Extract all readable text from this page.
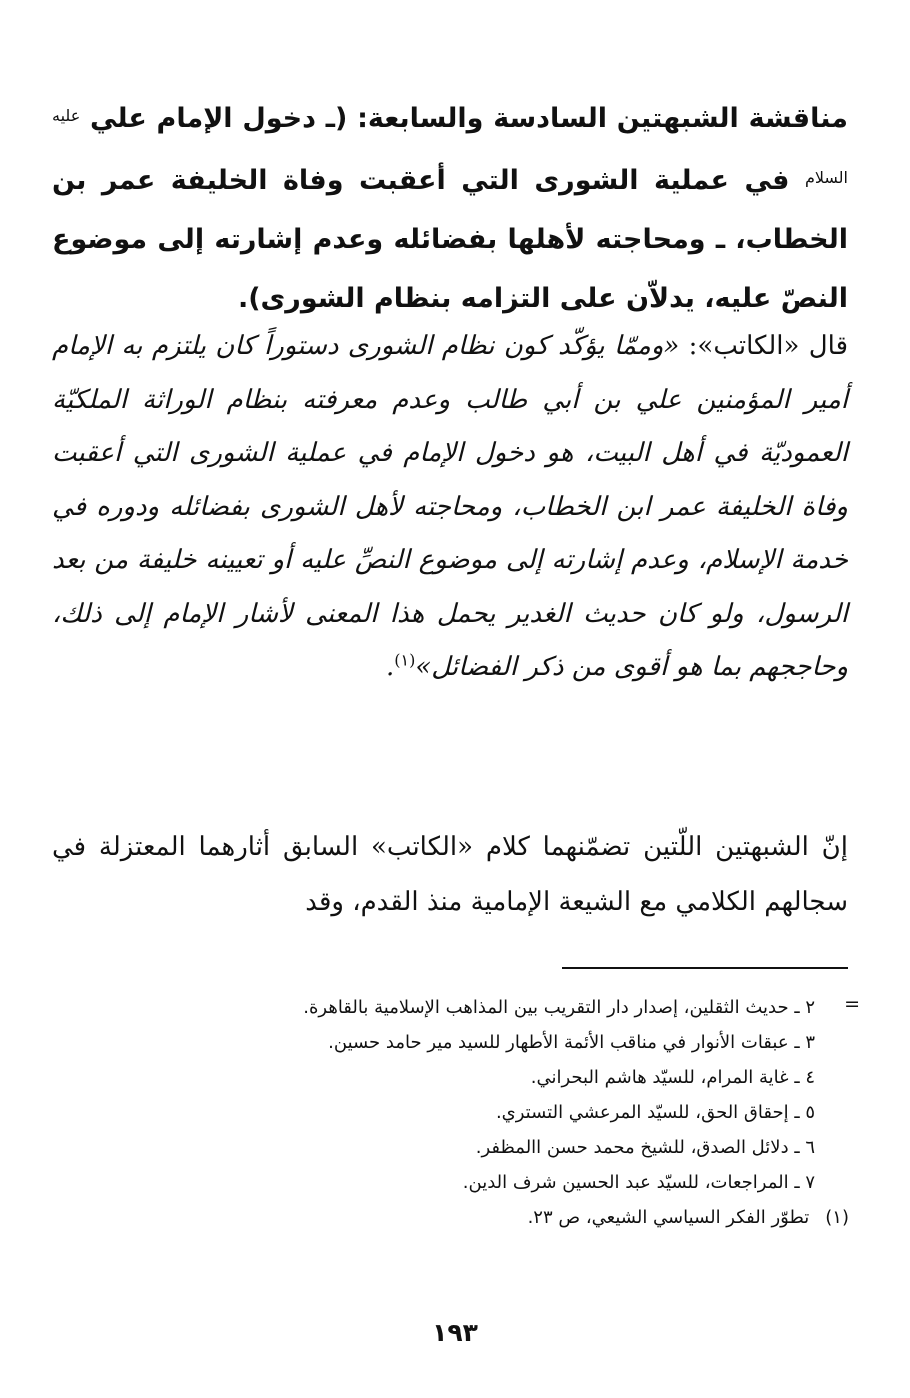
مناقشة الشبهتين السادسة والسابعة: (ـ دخول الإمام علي $^{عليه السلام}$ في عملية الشورى التي أعقبت وفاة الخليفة عمر بن الخطاب، ـ ومحاجته لأهلها بفضائله وعدم إشارته إلى موضوع النصّ عليه، يدلاّن على التزامه بنظام الشورى).

قال «الكاتب»: «وممّا يؤكّد كون نظام الشورى دستوراً كان يلتزم به الإمام أمير المؤمنين علي بن أبي طالب وعدم معرفته بنظام الوراثة الملكيّة العموديّة في أهل البيت، هو دخول الإمام في عملية الشورى التي أعقبت وفاة الخليفة عمر ابن الخطاب، ومحاجته لأهل الشورى بفضائله ودوره في خدمة الإسلام، وعدم إشارته إلى موضوع النصِّ عليه أو تعيينه خليفة من بعد الرسول، ولو كان حديث الغدير يحمل هذا المعنى لأشار الإمام إلى ذلك، وحاججهم بما هو أقوى من ذكر الفضائل»$^{(١)}$.

إنّ الشبهتين اللّتين تضمّنهما كلام «الكاتب» السابق أثارهما المعتزلة في سجالهم الكلامي مع الشيعة الإمامية منذ القدم، وقد

=
٢ ـ حديث الثقلين، إصدار دار التقريب بين المذاهب الإسلامية بالقاهرة.
٣ ـ عبقات الأنوار في مناقب الأئمة الأطهار للسيد مير حامد حسين.
٤ ـ غاية المرام، للسيّد هاشم البحراني.
٥ ـ إحقاق الحق، للسيّد المرعشي التستري.
٦ ـ دلائل الصدق، للشيخ محمد حسن االمظفر.
٧ ـ المراجعات، للسيّد عبد الحسين شرف الدين.
(١) تطوّر الفكر السياسي الشيعي، ص ٢٣.
١٩٣
